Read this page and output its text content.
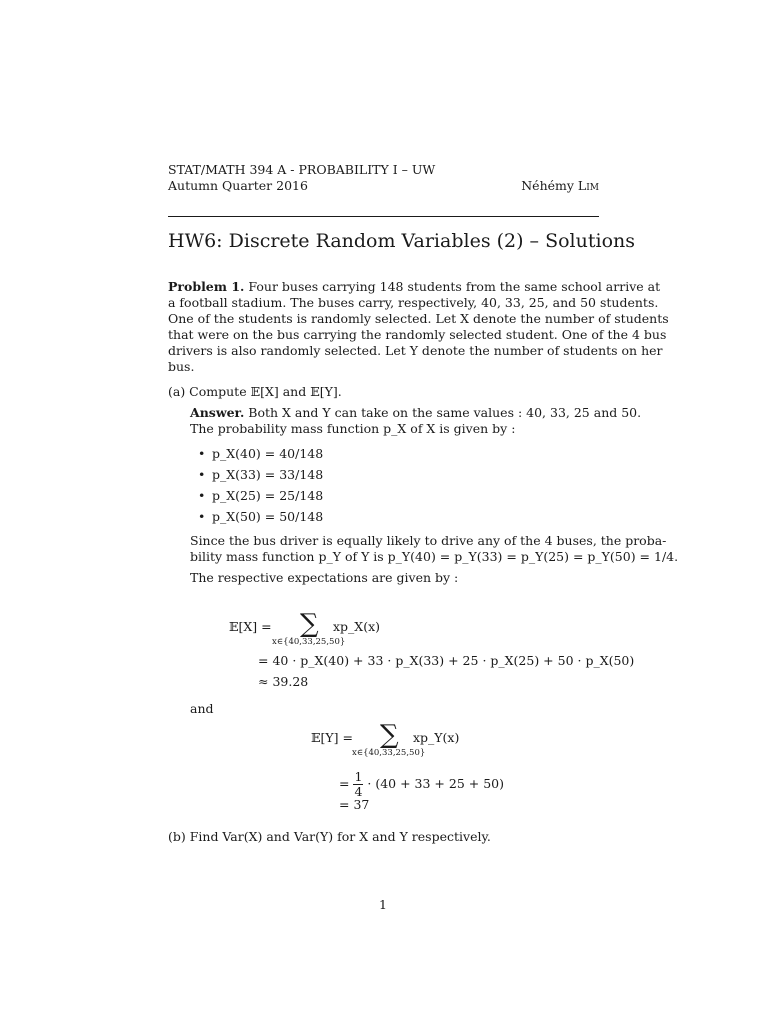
STAT/MATH 394 A - PROBABILITY I – UW
Autumn Quarter 2016	Néhémy Lim
HW6: Discrete Random Variables (2) – Solutions
Problem 1. Four buses carrying 148 students from the same school arrive at
a football stadium. The buses carry, respectively, 40, 33, 25, and 50 students.
One of the students is randomly selected. Let X denote the number of students
that were on the bus carrying the randomly selected student. One of the 4 bus
drivers is also randomly selected. Let Y denote the number of students on her
bus.
(a) Compute 𝔼[X] and 𝔼[Y].
Answer. Both X and Y can take on the same values : 40, 33, 25 and 50.
The probability mass function p_X of X is given by :
• p_X(40) = 40/148
• p_X(33) = 33/148
• p_X(25) = 25/148
• p_X(50) = 50/148
Since the bus driver is equally likely to drive any of the 4 buses, the proba-
bility mass function p_Y of Y is p_Y(40) = p_Y(33) = p_Y(25) = p_Y(50) = 1/4.
The respective expectations are given by :
𝔼[X] = ∑ xp_X(x)
x∈{40,33,25,50}
= 40 · p_X(40) + 33 · p_X(33) + 25 · p_X(25) + 50 · p_X(50)
≈ 39.28
and
𝔼[Y] = ∑ xp_Y(x)
x∈{40,33,25,50}
= $\frac{1}{4} \cdot (40 + 33 + 25 + 50)$
= 37
(b) Find Var(X) and Var(Y) for X and Y respectively.
1
